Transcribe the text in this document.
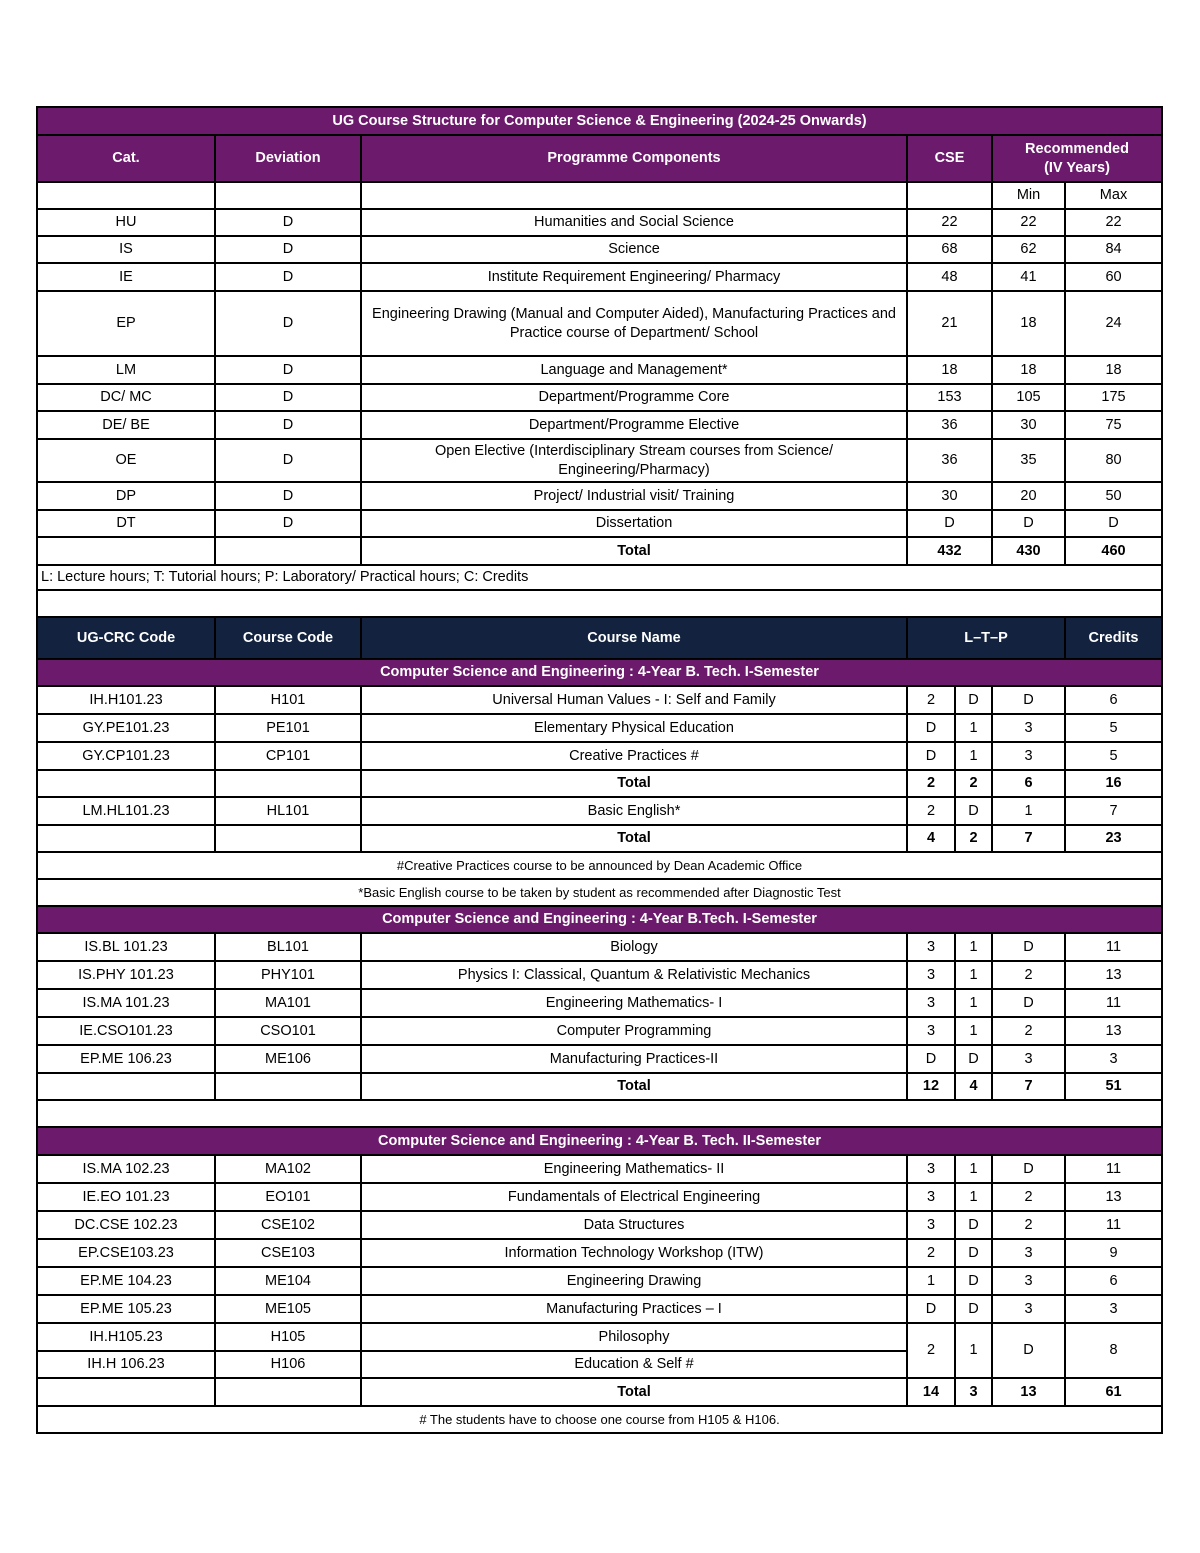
UG Course Structure for Computer Science & Engineering (2024-25 Onwards)						
Cat.	Deviation	Programme Components	CSE		Recommended
(IV Years)	
					Min	Max
HU	D	Humanities and Social Science	22		22	22
IS	D	Science	68		62	84
IE	D	Institute Requirement Engineering/ Pharmacy	48		41	60
EP	D	Engineering Drawing (Manual and Computer Aided), Manufacturing Practices and Practice course of Department/ School	21		18	24
LM	D	Language and Management*	18		18	18
DC/ MC	D	Department/Programme Core	153		105	175
DE/ BE	D	Department/Programme Elective	36		30	75
OE	D	Open Elective (Interdisciplinary Stream courses from Science/ Engineering/Pharmacy)	36		35	80
DP	D	Project/ Industrial visit/ Training	30		20	50
DT	D	Dissertation	D		D	D
		Total	432		430	460
L: Lecture hours; T: Tutorial hours; P: Laboratory/ Practical hours; C: Credits						

UG-CRC Code	Course Code	Course Name	L–T–P			Credits
Computer Science and Engineering : 4-Year B. Tech. I-Semester						
IH.H101.23	H101	Universal Human Values - I: Self and Family	2	D	D	6
GY.PE101.23	PE101	Elementary Physical Education	D	1	3	5
GY.CP101.23	CP101	Creative Practices #	D	1	3	5
		Total	2	2	6	16
LM.HL101.23	HL101	Basic English*	2	D	1	7
		Total	4	2	7	23
#Creative Practices course to be announced by Dean Academic Office						
*Basic English course to be taken by student as recommended after Diagnostic Test						
Computer Science and Engineering : 4-Year B.Tech. I-Semester						
IS.BL 101.23	BL101	Biology	3	1	D	11
IS.PHY 101.23	PHY101	Physics I: Classical, Quantum & Relativistic Mechanics	3	1	2	13
IS.MA 101.23	MA101	Engineering Mathematics- I	3	1	D	11
IE.CSO101.23	CSO101	Computer Programming	3	1	2	13
EP.ME 106.23	ME106	Manufacturing Practices-II	D	D	3	3
		Total	12	4	7	51

Computer Science and Engineering : 4-Year B. Tech. II-Semester						
IS.MA 102.23	MA102	Engineering Mathematics- II	3	1	D	11
IE.EO 101.23	EO101	Fundamentals of Electrical Engineering	3	1	2	13
DC.CSE 102.23	CSE102	Data Structures	3	D	2	11
EP.CSE103.23	CSE103	Information Technology Workshop (ITW)	2	D	3	9
EP.ME 104.23	ME104	Engineering Drawing	1	D	3	6
EP.ME 105.23	ME105	Manufacturing Practices – I	D	D	3	3
IH.H105.23	H105	Philosophy	2	1	D	8
IH.H 106.23	H106	Education & Self #				
		Total	14	3	13	61
# The students have to choose one course from H105 & H106.						
